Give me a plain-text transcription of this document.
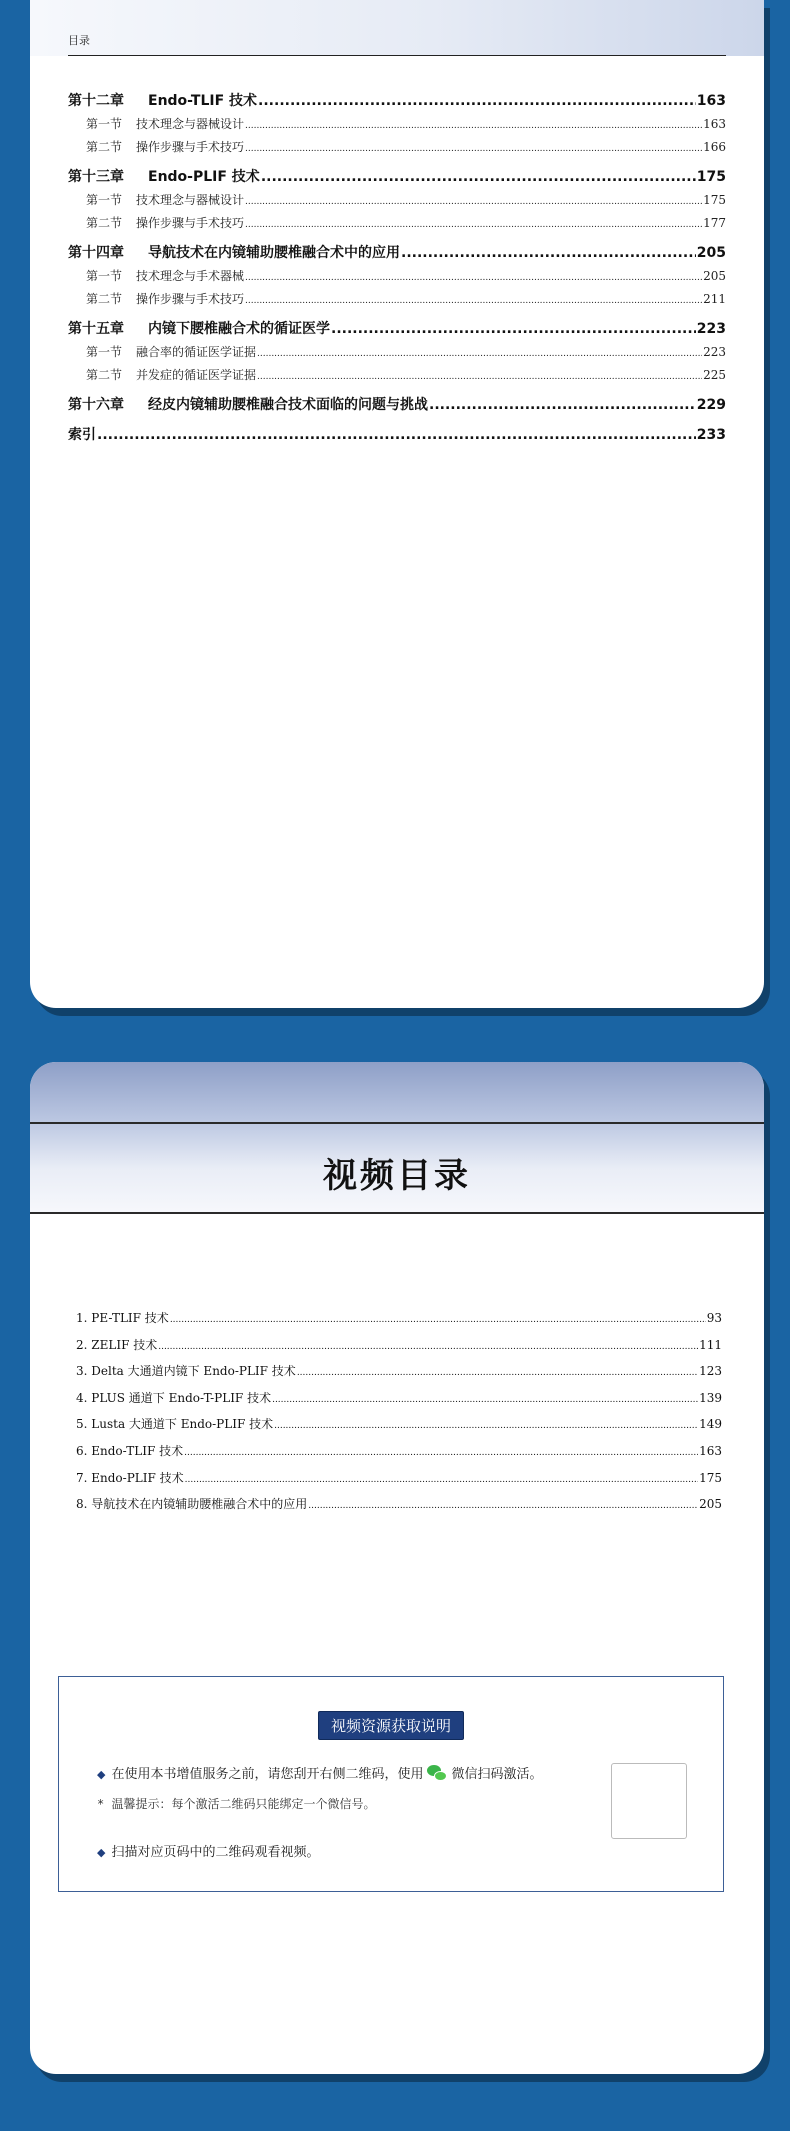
目录
第十二章 Endo-TLIF 技术 .....	163
第一节 技术理念与器械设计 .....	163
第二节 操作步骤与手术技巧 .....	166
第十三章 Endo-PLIF 技术 .....	175
第一节 技术理念与器械设计 .....	175
第二节 操作步骤与手术技巧 .....	177
第十四章 导航技术在内镜辅助腰椎融合术中的应用 .....	205
第一节 技术理念与手术器械 .....	205
第二节 操作步骤与手术技巧 .....	211
第十五章 内镜下腰椎融合术的循证医学 .....	223
第一节 融合率的循证医学证据 .....	223
第二节 并发症的循证医学证据 .....	225
第十六章 经皮内镜辅助腰椎融合技术面临的问题与挑战 .....	229
索引 .....	233
视频目录
1. PE-TLIF 技术 .....	93
2. ZELIF 技术 .....	111
3. Delta 大通道内镜下 Endo-PLIF 技术 .....	123
4. PLUS 通道下 Endo-T-PLIF 技术 .....	139
5. Lusta 大通道下 Endo-PLIF 技术 .....	149
6. Endo-TLIF 技术 .....	163
7. Endo-PLIF 技术 .....	175
8. 导航技术在内镜辅助腰椎融合术中的应用 .....	205
视频资源获取说明
◆ 在使用本书增值服务之前，请您刮开右侧二维码，使用 微信扫码激活。
* 温馨提示：每个激活二维码只能绑定一个微信号。
◆ 扫描对应页码中的二维码观看视频。
